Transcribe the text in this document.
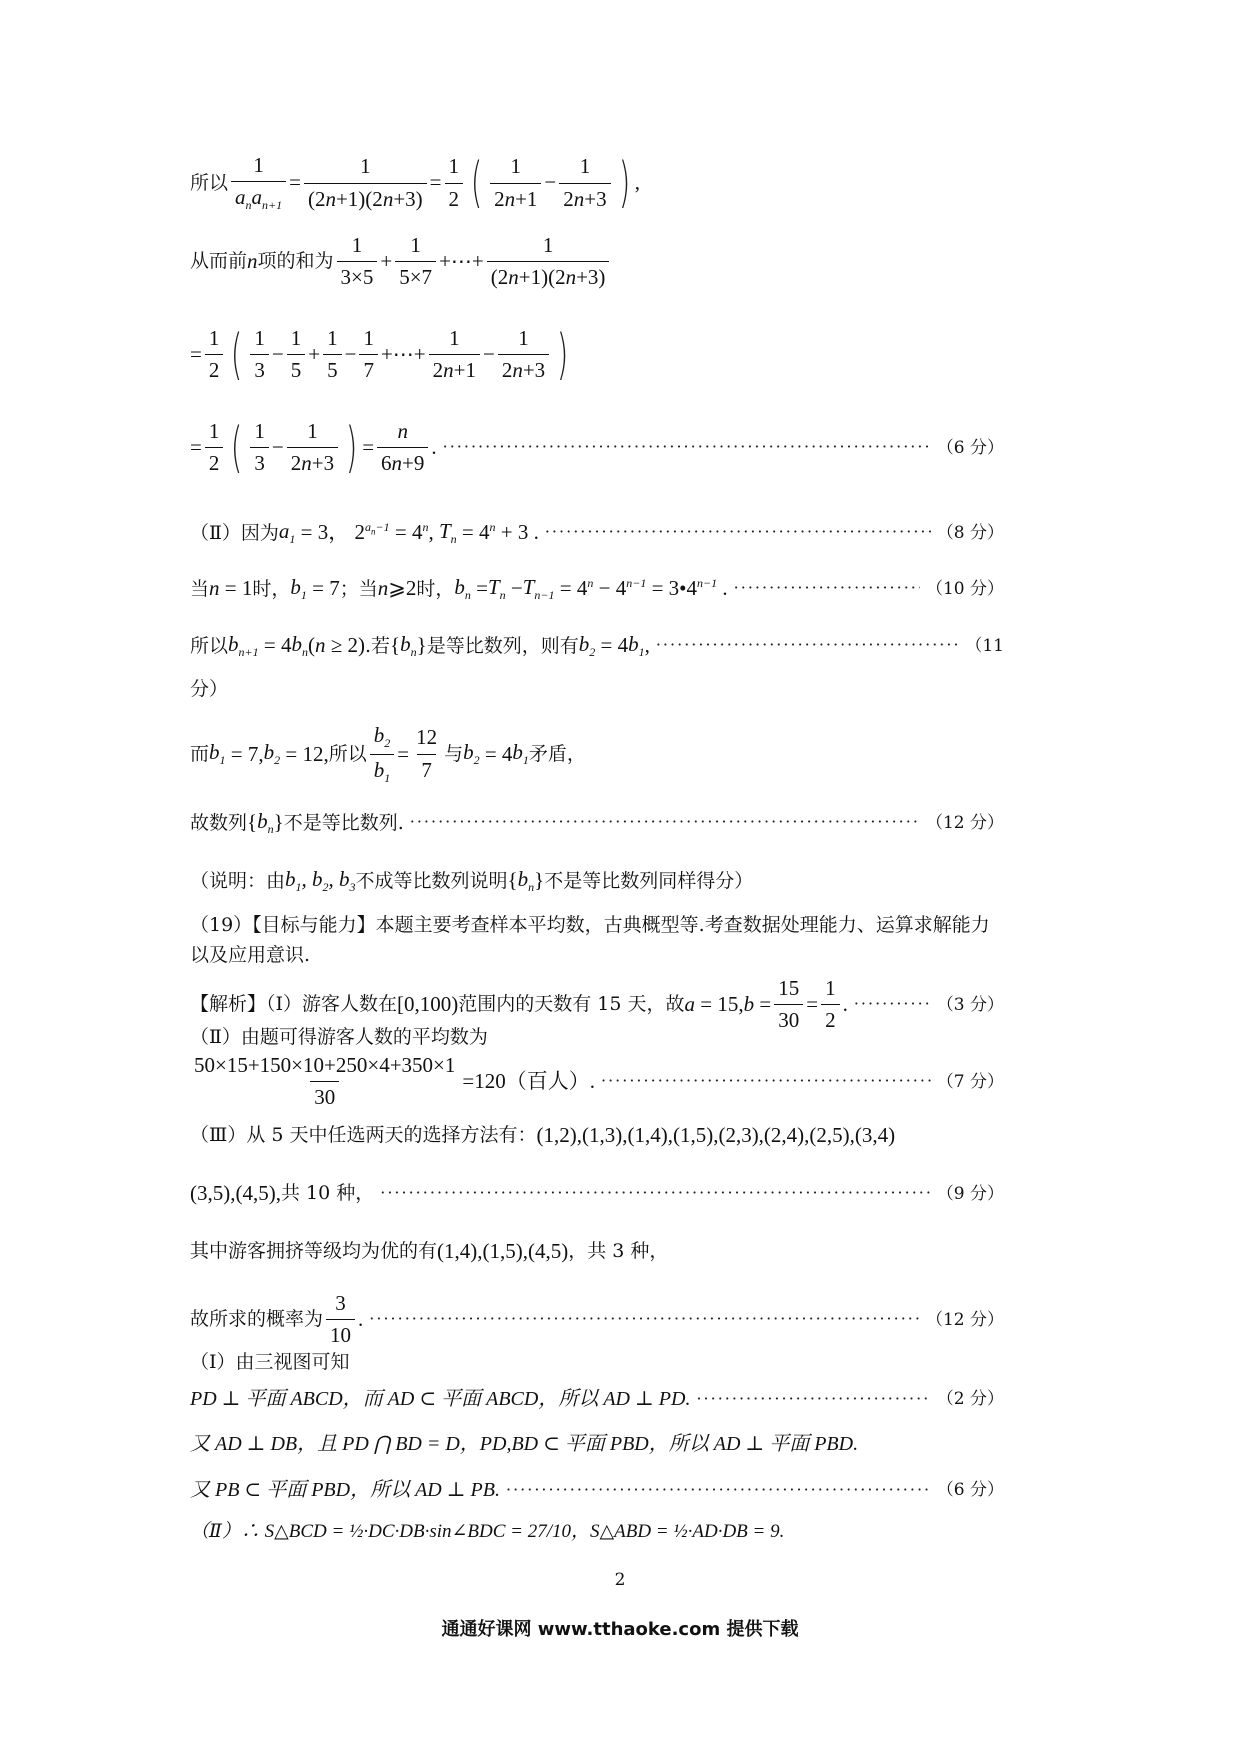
所以 $\frac{1}{a_na_{n+1}} = \frac{1}{(2n+1)(2n+3)} = \frac{1}{2}$ ( $\frac{1}{2n+1} - \frac{1}{2n+3}$ ) ,
从而前 n 项的和为 $\frac{1}{3\times 5} + \frac{1}{5\times 7}$ +⋯+ $\frac{1}{(2n+1)(2n+3)}$
= $\frac{1}{2}$ ( $\frac{1}{3} - \frac{1}{5} + \frac{1}{5} - \frac{1}{7}$ +⋯+ $\frac{1}{2n+1} - \frac{1}{2n+3}$ )
= $\frac{1}{2}$ ( $\frac{1}{3} - \frac{1}{2n+3}$ ) = $\frac{n}{6n+9}$ . ·····	（6 分）
（Ⅱ）因为 $a_1 = 3$， $2^{a_n-1} = 4^n$, $T_n = 4^n + 3$ . ·····	（8 分）
当 n = 1 时， $b_1 = 7$ ；当 n ⩾2 时， $b_n = T_n - T_{n-1} = 4^n - 4^{n-1}$ = $3•4^{n-1}$ . ·····	（10 分）
所以 $b_{n+1} = 4$ $b_n$ ( n ≥ 2) .若 { $b_n$ } 是等比数列，则有 $b_2 = 4$ $b_1$ , ·····	（11
分）
而 $b_1 = 7$, $b_2 = 12$, 所以 $\frac{b_2}{b_1} = \frac{12}{7}$ 与 $b_2 = 4$ $b_1$ 矛盾，
故数列 { $b_n$ } 不是等比数列. ·····	（12 分）
（说明：由 $b_1$, $b_2$, $b_3$ 不成等比数列说明 { $b_n$ } 不是等比数列同样得分）
（19）【目标与能力】本题主要考查样本平均数，古典概型等.考查数据处理能力、运算求解能力以及应用意识.
【解析】（Ⅰ）游客人数在 [0,100) 范围内的天数有 15 天，故 a = 15, $b = \frac{15}{30} = \frac{1}{2}$ . ·····	（3 分）
（Ⅱ）由题可得游客人数的平均数为
$\frac{50\times 15+150\times 10+250\times 4+350\times 1}{30} =120$（百人）. ·····	（7 分）
（Ⅲ）从 5 天中任选两天的选择方法有： (1,2),(1,3),(1,4),(1,5),(2,3),(2,4),(2,5),(3,4)
(3,5),(4,5), 共 10 种， ·····	（9 分）
其中游客拥挤等级均为优的有 (1,4),(1,5),(4,5) ，共 3 种，
故所求的概率为 $\frac{3}{10}$ . ·····	（12 分）
（Ⅰ）由三视图可知
PD ⊥ 平面 ABCD，而 AD ⊂ 平面 ABCD，所以 AD ⊥ PD. ·····	（2 分）
又 AD ⊥ DB，且 PD ⋂ BD = D，PD,BD ⊂ 平面 PBD，所以 AD ⊥ 平面 PBD.
又 PB ⊂ 平面 PBD，所以 AD ⊥ PB. ·····	（6 分）
（Ⅱ）∴ S△BCD = ½·DC·DB·sin∠BDC = 27/10，S△ABD = ½·AD·DB = 9.
2
通通好课网 www.tthaoke.com 提供下载
